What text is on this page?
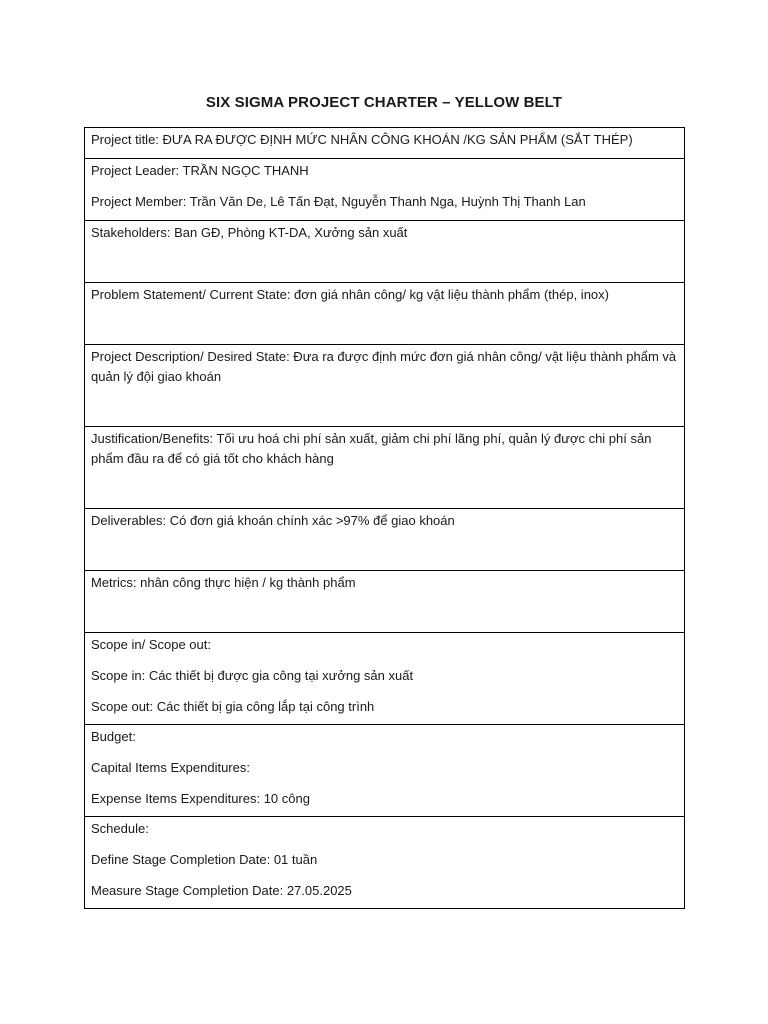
SIX SIGMA PROJECT CHARTER – YELLOW BELT
Project title: ĐƯA RA ĐƯỢC ĐỊNH MỨC NHÂN CÔNG KHOÁN /KG SẢN PHẨM (SẮT THÉP)

Project Leader: TRẦN NGỌC THANH
Project Member: Trần Văn De, Lê Tấn Đạt, Nguyễn Thanh Nga, Huỳnh Thị Thanh Lan

Stakeholders: Ban GĐ, Phòng KT-DA, Xưởng sản xuất

Problem Statement/ Current State: đơn giá nhân công/ kg vật liệu thành phẩm (thép, inox)

Project Description/ Desired State: Đưa ra được định mức đơn giá nhân công/ vật liệu thành phẩm và quản lý đội giao khoán

Justification/Benefits: Tối ưu hoá chi phí sản xuất, giảm chi phí lãng phí, quản lý được chi phí sản phẩm đầu ra để có giá tốt cho khách hàng

Deliverables: Có đơn giá khoán chính xác >97% để giao khoán

Metrics: nhân công thực hiện / kg thành phẩm

Scope in/ Scope out:
Scope in: Các thiết bị được gia công tại xưởng sản xuất
Scope out: Các thiết bị gia công lắp tại công trình

Budget:
Capital Items Expenditures:
Expense Items Expenditures: 10 công

Schedule:
Define Stage Completion Date: 01 tuần
Measure Stage Completion Date: 27.05.2025
